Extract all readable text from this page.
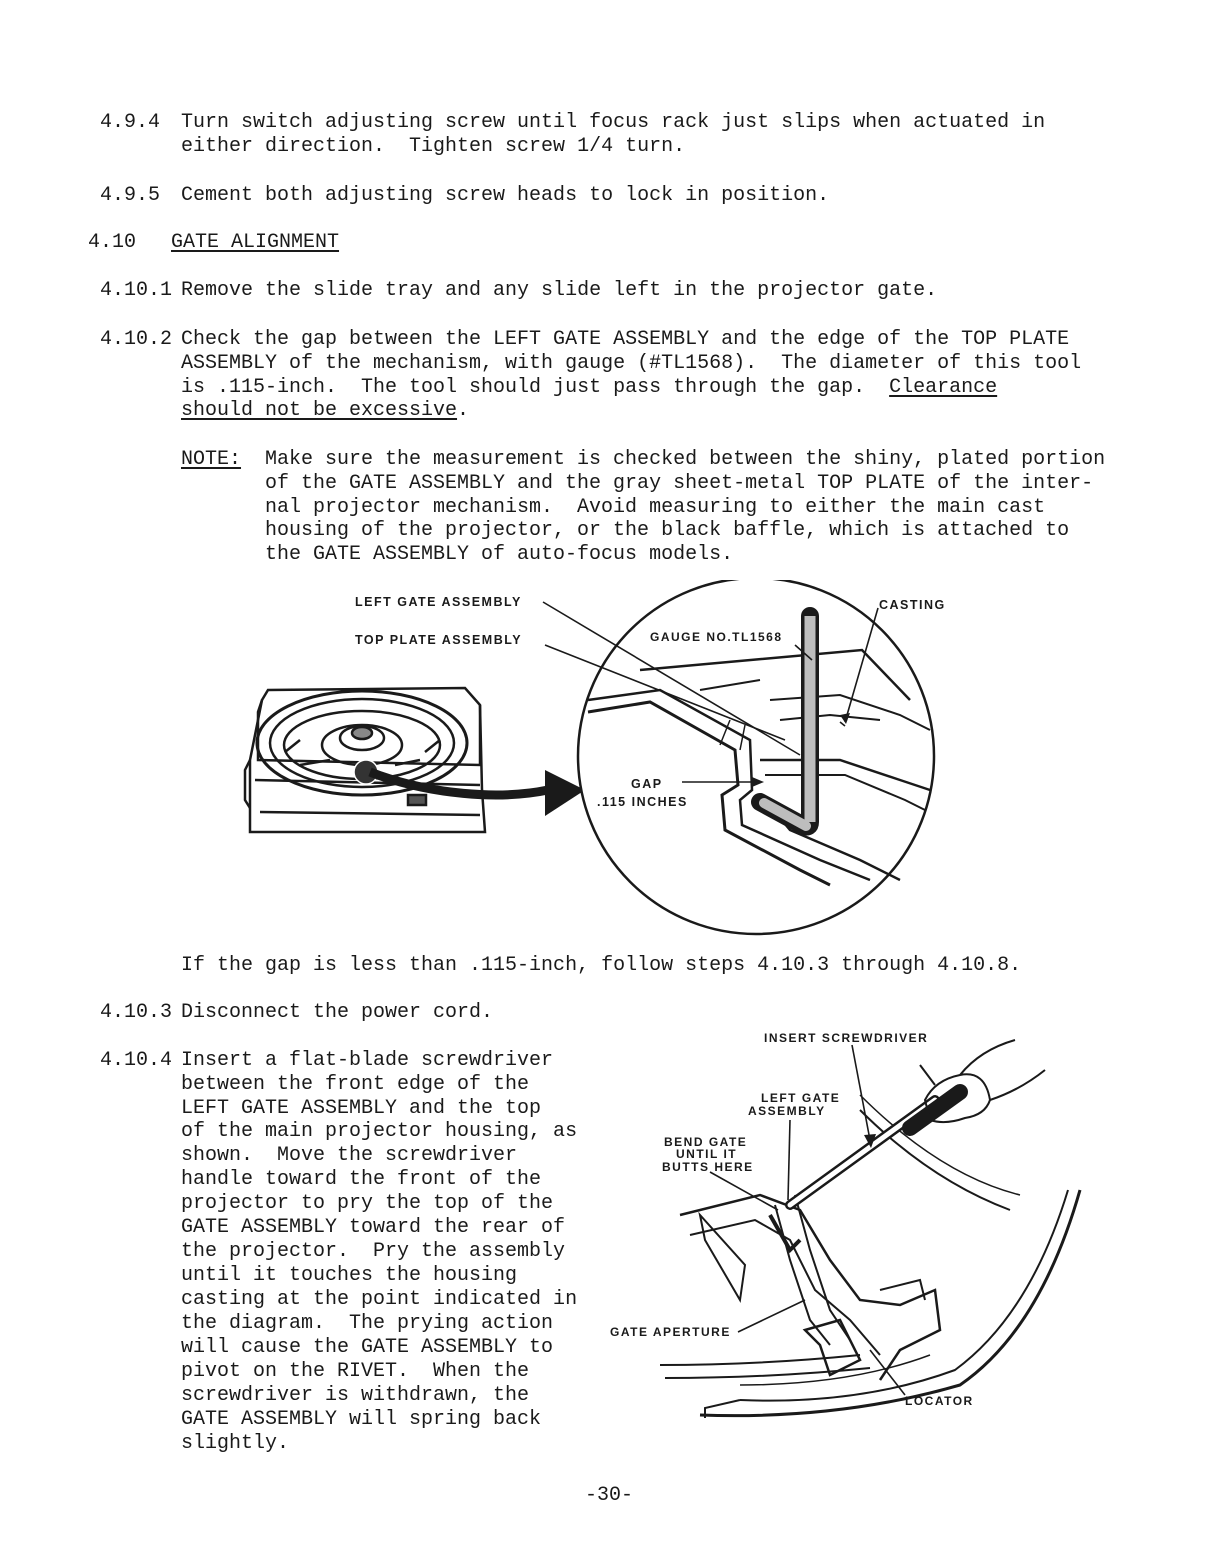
4.9.4 Turn switch adjusting screw until focus rack just slips when actuated in
either direction.  Tighten screw 1/4 turn.
4.9.5 Cement both adjusting screw heads to lock in position.
4.10 GATE ALIGNMENT
4.10.1 Remove the slide tray and any slide left in the projector gate.
4.10.2 Check the gap between the LEFT GATE ASSEMBLY and the edge of the TOP PLATE
ASSEMBLY of the mechanism, with gauge (#TL1568).  The diameter of this tool
is .115-inch.  The tool should just pass through the gap.  Clearance
should not be excessive.
NOTE: Make sure the measurement is checked between the shiny, plated portion
of the GATE ASSEMBLY and the gray sheet-metal TOP PLATE of the inter-
nal projector mechanism.  Avoid measuring to either the main cast
housing of the projector, or the black baffle, which is attached to
the GATE ASSEMBLY of auto-focus models.
LEFT GATE ASSEMBLY
TOP PLATE ASSEMBLY
CASTING
GAUGE NO.TL1568
GAP
.115 INCHES
If the gap is less than .115-inch, follow steps 4.10.3 through 4.10.8.
4.10.3 Disconnect the power cord.
4.10.4 Insert a flat-blade screwdriver
between the front edge of the
LEFT GATE ASSEMBLY and the top
of the main projector housing, as
shown.  Move the screwdriver
handle toward the front of the
projector to pry the top of the
GATE ASSEMBLY toward the rear of
the projector.  Pry the assembly
until it touches the housing
casting at the point indicated in
the diagram.  The prying action
will cause the GATE ASSEMBLY to
pivot on the RIVET.  When the
screwdriver is withdrawn, the
GATE ASSEMBLY will spring back
slightly.
INSERT SCREWDRIVER
LEFT GATE
ASSEMBLY
BEND GATE
UNTIL IT
BUTTS HERE
GATE APERTURE
LOCATOR
-30-
